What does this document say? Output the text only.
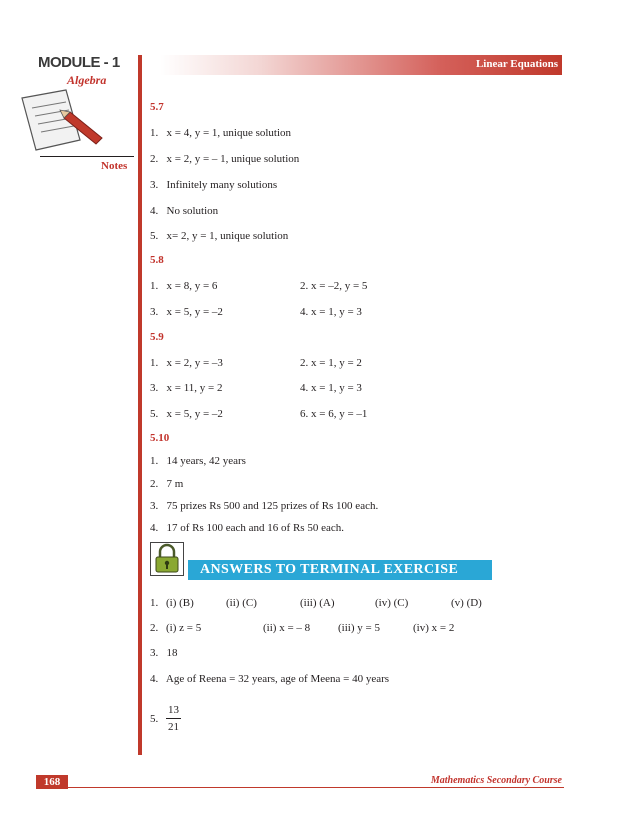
MODULE - 1
Algebra
Linear Equations
Notes
5.7
1.   x = 4, y = 1, unique solution
2.   x = 2, y = – 1, unique solution
3.   Infinitely many solutions
4.   No solution
5.   x= 2, y = 1, unique solution
5.8
1.   x = 8, y = 6	2. x = –2, y = 5
3.   x = 5, y = –2	4. x = 1, y = 3
5.9
1.   x = 2, y = –3	2. x = 1, y = 2
3.   x = 11, y = 2	4. x = 1, y = 3
5.   x = 5, y = –2	6. x = 6, y = –1
5.10
1.   14 years, 42 years
2.   7 m
3.   75 prizes Rs 500 and 125 prizes of Rs 100 each.
4.   17 of Rs 100 each and 16 of Rs 50 each.
ANSWERS TO TERMINAL EXERCISE
1. (i) (B)	(ii) (C)	(iii) (A)	(iv) (C)	(v) (D)
2. (i) z = 5	(ii) x = – 8	(iii) y = 5	(iv) x = 2
3.   18
4.   Age of Reena = 32 years, age of Meena = 40 years
5.
13
21
168	Mathematics Secondary Course
